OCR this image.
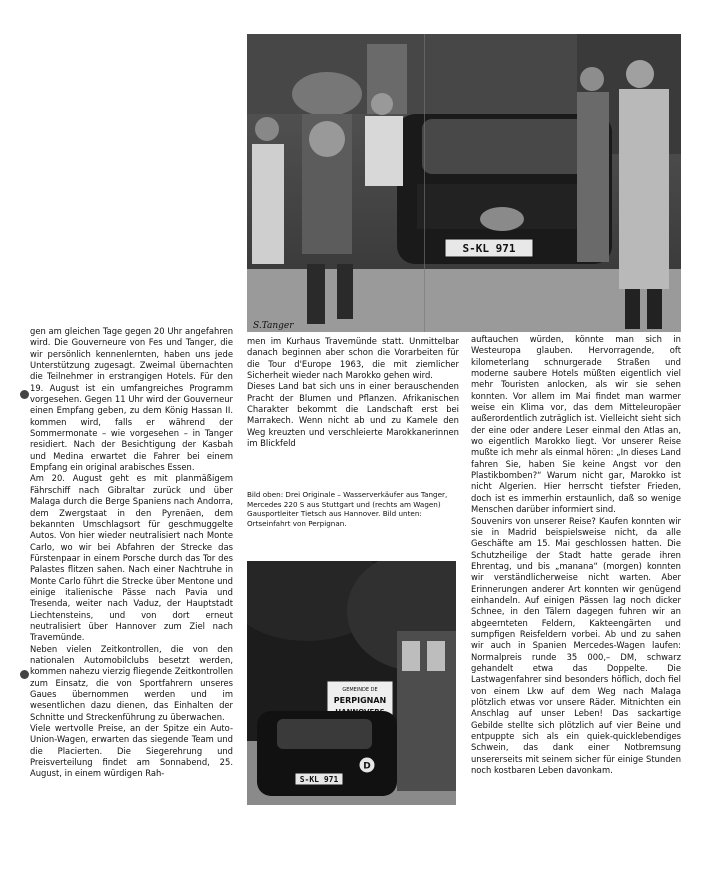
gen am gleichen Tage gegen 20 Uhr angefahren wird. Die Gouverneure von Fes und Tanger, die wir persönlich kennenlernten, haben uns jede Unterstützung zugesagt. Zweimal übernachten die Teilnehmer in erstrangigen Hotels. Für den 19. August ist ein umfangreiches Programm vorgesehen. Gegen 11 Uhr wird der Gouverneur einen Empfang geben, zu dem König Hassan II. kommen wird, falls er während der Sommermonate – wie vorgesehen – in Tanger residiert. Nach der Besichtigung der Kasbah und Medina erwartet die Fahrer bei einem Empfang ein original arabisches Essen.

Am 20. August geht es mit planmäßigem Fährschiff nach Gibraltar zurück und über Malaga durch die Berge Spaniens nach Andorra, dem Zwergstaat in den Pyrenäen, dem bekannten Umschlagsort für geschmuggelte Autos. Von hier wieder neutralisiert nach Monte Carlo, wo wir bei Abfahren der Strecke das Fürstenpaar in einem Porsche durch das Tor des Palastes flitzen sahen. Nach einer Nachtruhe in Monte Carlo führt die Strecke über Mentone und einige italienische Pässe nach Pavia und Tresenda, weiter nach Vaduz, der Hauptstadt Liechtensteins, und von dort erneut neutralisiert über Hannover zum Ziel nach Travemünde.

Neben vielen Zeitkontrollen, die von den nationalen Automobilclubs besetzt werden, kommen nahezu vierzig fliegende Zeitkontrollen zum Einsatz, die von Sportfahrern unseres Gaues übernommen werden und im wesentlichen dazu dienen, das Einhalten der Schnitte und Streckenführung zu überwachen.

Viele wertvolle Preise, an der Spitze ein Auto-Union-Wagen, erwarten das siegende Team und die Placierten. Die Siegerehrung und Preisverteilung findet am Sonnabend, 25. August, in einem würdigen Rah-

S-KL 971
S.Tanger

men im Kurhaus Travemünde statt. Unmittelbar danach beginnen aber schon die Vorarbeiten für die Tour d'Europe 1963, die mit ziemlicher Sicherheit wieder nach Marokko gehen wird.

Dieses Land bat sich uns in einer berauschenden Pracht der Blumen und Pflanzen. Afrikanischen Charakter bekommt die Landschaft erst bei Marrakech. Wenn nicht ab und zu Kamele den Weg kreuzten und verschleierte Marokkanerinnen im Blickfeld

Bild oben: Drei Originale – Wasserverkäufer aus Tanger, Mercedes 220 S aus Stuttgart und (rechts am Wagen) Gausportleiter Tietsch aus Hannover. Bild unten: Ortseinfahrt von Perpignan.
GEMEINDE DE
PERPIGNAN
S-KL 971
D

auftauchen würden, könnte man sich in Westeuropa glauben. Hervorragende, oft kilometerlang schnurgerade Straßen und moderne saubere Hotels müßten eigentlich viel mehr Touristen anlocken, als wir sie sehen konnten. Vor allem im Mai findet man warmer weise ein Klima vor, das dem Mitteleuropäer außerordentlich zuträglich ist. Vielleicht sieht sich der eine oder andere Leser einmal den Atlas an, wo eigentlich Marokko liegt. Vor unserer Reise mußte ich mehr als einmal hören: „In dieses Land fahren Sie, haben Sie keine Angst vor den Plastikbomben?“ Warum nicht gar, Marokko ist nicht Algerien. Hier herrscht tiefster Frieden, doch ist es immerhin erstaunlich, daß so wenige Menschen darüber informiert sind.

Souvenirs von unserer Reise? Kaufen konnten wir sie in Madrid beispielsweise nicht, da alle Geschäfte am 15. Mai geschlossen hatten. Die Schutzheilige der Stadt hatte gerade ihren Ehrentag, und bis „manana“ (morgen) konnten wir verständlicherweise nicht warten. Aber Erinnerungen anderer Art konnten wir genügend einhandeln. Auf einigen Pässen lag noch dicker Schnee, in den Tälern dagegen fuhren wir an abgeernteten Feldern, Kakteengärten und sumpfigen Reisfeldern vorbei. Ab und zu sahen wir auch in Spanien Mercedes-Wagen laufen: Normalpreis runde 35 000,– DM, schwarz gehandelt etwa das Doppelte. Die Lastwagenfahrer sind besonders höflich, doch fiel von einem Lkw auf dem Weg nach Malaga plötzlich etwas vor unsere Räder. Mitnichten ein Anschlag auf unser Leben! Das sackartige Gebilde stellte sich plötzlich auf vier Beine und entpuppte sich als ein quiek-quicklebendiges Schwein, das dank einer Notbremsung unsererseits mit seinem sicher für einige Stunden noch kostbaren Leben davonkam.
